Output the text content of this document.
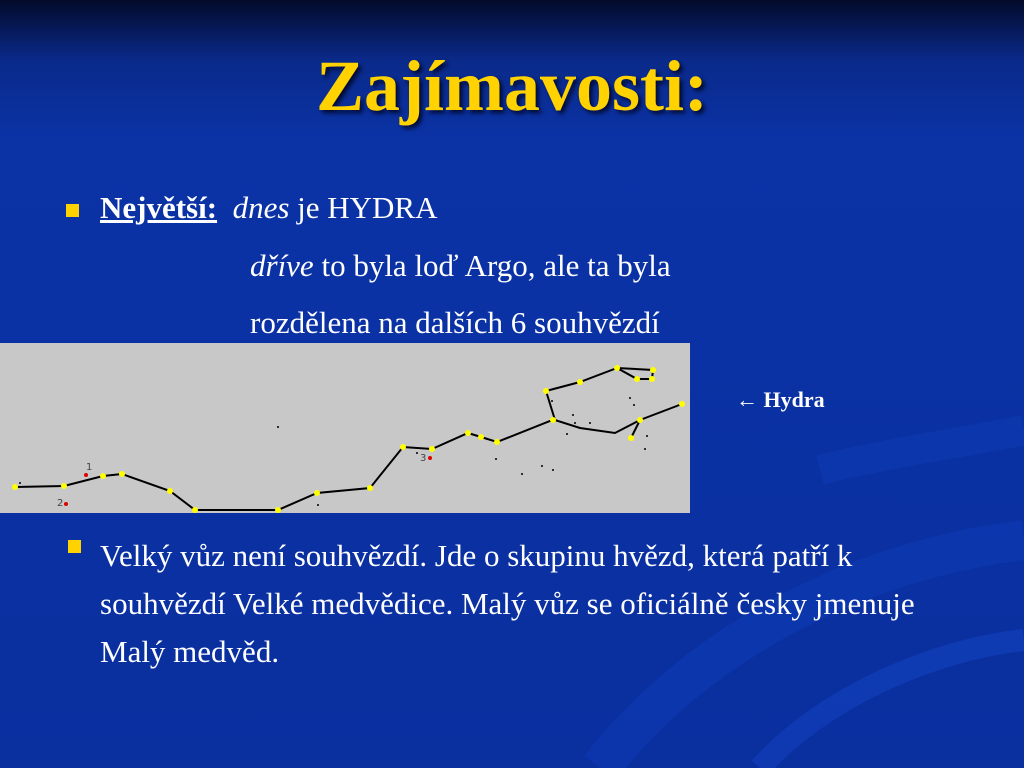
Zajímavosti:
Největší: dnes je HYDRA
dříve to byla loď Argo, ale ta byla
rozdělena na dalších 6 souhvězdí
1
2
3
← Hydra
Velký vůz není souhvězdí. Jde o skupinu hvězd, která patří k souhvězdí Velké medvědice. Malý vůz se oficiálně česky jmenuje Malý medvěd.
